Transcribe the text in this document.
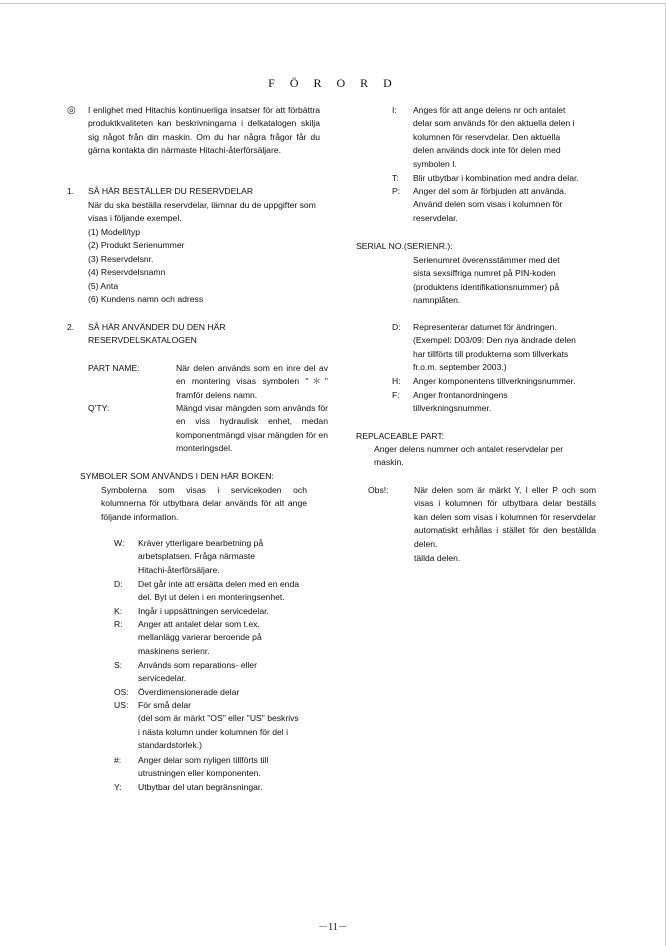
F Ö R O R D
◎ I enlighet med Hitachis kontinuerliga insatser för att förbättra produktkvaliteten kan beskrivningarna i delkatalogen skilja sig något från din maskin. Om du har några frågor får du gärna kontakta din närmaste Hitachi-återförsäljare.

1. SÅ HÄR BESTÄLLER DU RESERVDELAR

När du ska beställa reservdelar, lämnar du de uppgifter som visas i följande exempel.

(1) Modell/typ
(2) Produkt Serienummer
(3) Reservdelsnr.
(4) Reservdelsnamn
(5) Anta
(6) Kundens namn och adress
2. SÅ HÄR ANVÄNDER DU DEN HÄR
RESERVDELSKATALOGEN
PART NAME:	När delen används som en inre del av en montering visas symbolen "＊" framför delens namn.

Q'TY:	Mängd visar mängden som används för en viss hydraulisk enhet, medan komponentmängd visar mängden för en monteringsdel.

SYMBOLER SOM ANVÄNDS I DEN HÄR BOKEN:

Symbolerna som visas i servicekoden och kolumnerna för utbytbara delar används för att ange följande information.

W: Kräver ytterligare bearbetning på
arbetsplatsen. Fråga närmaste
Hitachi-återförsäljare.
D: Det går inte att ersätta delen med en enda
del. Byt ut delen i en monteringsenhet.
K: Ingår i uppsättningen servicedelar.
R: Anger att antalet delar som t.ex.
mellanlägg varierar beroende på
maskinens serienr.
S: Används som reparations- eller
servicedelar.
OS: Överdimensionerade delar
US: För små delar
(del som är märkt "OS" eller "US" beskrivs
i nästa kolumn under kolumnen för del i
standardstorlek.)
#: Anger delar som nyligen tillförts till
utrustningen eller komponenten.
Y: Utbytbar del utan begränsningar.
I: Anges för att ange delens nr och antalet
delar som används för den aktuella delen i
kolumnen för reservdelar. Den aktuella
delen används dock inte för delen med
symbolen I.
T: Blir utbytbar i kombination med andra delar.
P: Anger del som är förbjuden att använda.
Använd delen som visas i kolumnen för
reservdelar.
SERIAL NO.(SERIENR.):
Serienumret överensstämmer med det
sista sexsiffriga numret på PIN-koden
(produktens identifikationsnummer) på
namnplåten.
D: Representerar datumet för ändringen.
(Exempel: D03/09: Den nya ändrade delen
har tillförts till produkterna som tillverkats
fr.o.m. september 2003.)
H: Anger komponentens tillverkningsnummer.
F: Anger frontanordningens
tillverkningsnummer.
REPLACEABLE PART:
Anger delens nummer och antalet reservdelar per
maskin.
Obs!:	När delen som är märkt Y, I eller P och som visas i kolumnen för utbytbara delar beställs kan delen som visas i kolumnen för reservdelar automatiskt erhållas i stället för den beställda delen.

tällda delen.
－11－
